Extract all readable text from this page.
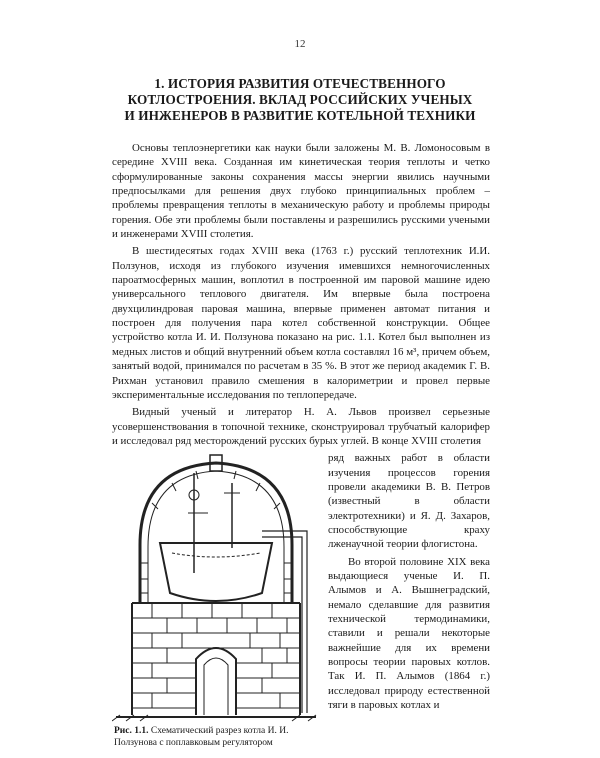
12
1. ИСТОРИЯ РАЗВИТИЯ ОТЕЧЕСТВЕННОГО
КОТЛОСТРОЕНИЯ. ВКЛАД РОССИЙСКИХ УЧЕНЫХ
И ИНЖЕНЕРОВ В РАЗВИТИЕ КОТЕЛЬНОЙ ТЕХНИКИ

Основы теплоэнергетики как науки были заложены М. В. Ломоносовым в середине XVIII века. Созданная им кинетическая теория теплоты и четко сформулированные законы сохранения массы энергии явились научными предпосылками для решения двух глубоко принципиальных проблем – проблемы превращения теплоты в механическую работу и проблемы природы горения. Обе эти проблемы были поставлены и разрешились русскими учеными и инженерами XVIII столетия.

В шестидесятых годах XVIII века (1763 г.) русский теплотехник И.И. Ползунов, исходя из глубокого изучения имевшихся немногочисленных пароатмосферных машин, воплотил в построенной им паровой машине идею универсального теплового двигателя. Им впервые была построена двухцилиндровая паровая машина, впервые применен автомат питания и построен для получения пара котел собственной конструкции. Общее устройство котла И. И. Ползунова показано на рис. 1.1. Котел был выполнен из медных листов и общий внутренний объем котла составлял 16 м³, причем объем, занятый водой, принимался по расчетам в 35 %. В этот же период академик Г. В. Рихман установил правило смешения в калориметрии и провел первые экспериментальные исследования по теплопередаче.

Видный ученый и литератор Н. А. Львов произвел серьезные усовершенствования в топочной технике, сконструировал трубчатый калорифер и исследовал ряд месторождений русских бурых углей. В конце XVIII столетия

Рис. 1.1. Схематический разрез котла И. И. Ползунова с поплавковым регулятором

ряд важных работ в области изучения процессов горения провели академики В. В. Петров (известный в области электротехники) и Я. Д. Захаров, способствующие краху лженаучной теории флогистона.

Во второй половине XIX века выдающиеся ученые И. П. Алымов и А. Вышнеградский, немало сделавшие для развития технической термодинамики, ставили и решали некоторые важнейшие для их времени вопросы теории паровых котлов. Так И. П. Алымов (1864 г.) исследовал природу естественной тяги в паровых котлах и
